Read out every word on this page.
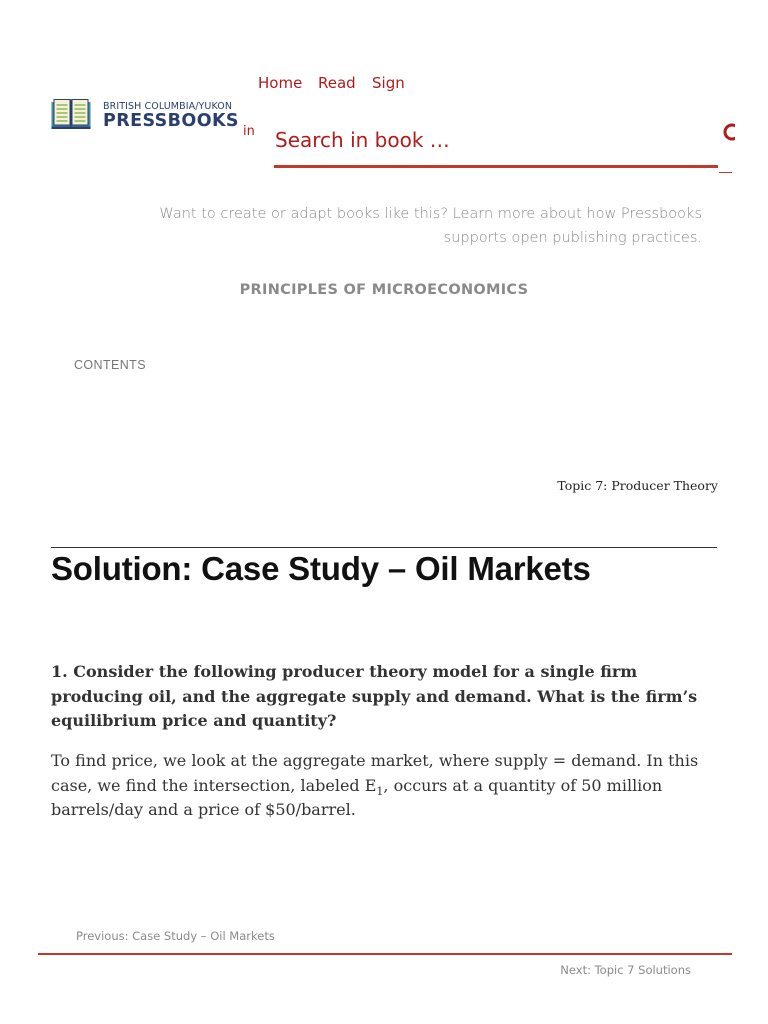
Home Read Sign
BRITISH COLUMBIA/YUKON
PRESSBOOKS
in
Search in book …
Want to create or adapt books like this? Learn more about how Pressbooks supports open publishing practices.
PRINCIPLES OF MICROECONOMICS
CONTENTS
Topic 7: Producer Theory
Solution: Case Study – Oil Markets

1. Consider the following producer theory model for a single firm producing oil, and the aggregate supply and demand. What is the firm’s equilibrium price and quantity?

To find price, we look at the aggregate market, where supply = demand. In this case, we find the intersection, labeled $E_1$, occurs at a quantity of 50 million barrels/day and a price of $50/barrel.

Previous: Case Study – Oil Markets
Next: Topic 7 Solutions
